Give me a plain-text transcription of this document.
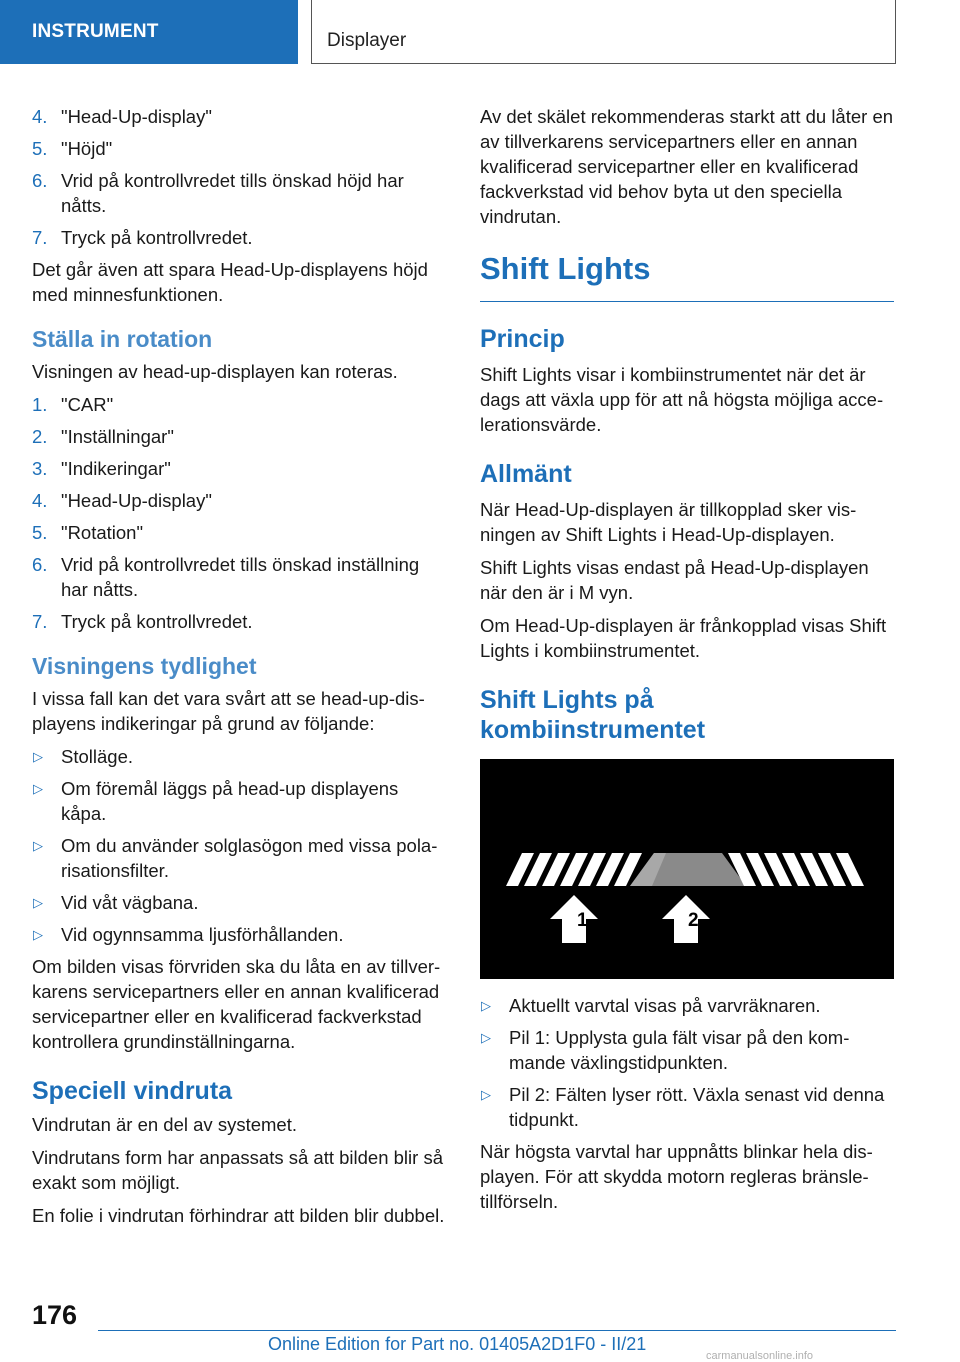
INSTRUMENT	Displayer
4. "Head-Up-display"
5. "Höjd"
6. Vrid på kontrollvredet tills önskad höjd har nåtts.
7. Tryck på kontrollvredet.

Det går även att spara Head-Up-displayens höjd med minnesfunktionen.

Ställa in rotation

Visningen av head-up-displayen kan roteras.

1. "CAR"
2. "Inställningar"
3. "Indikeringar"
4. "Head-Up-display"
5. "Rotation"
6. Vrid på kontrollvredet tills önskad inställning har nåtts.
7. Tryck på kontrollvredet.
Visningens tydlighet

I vissa fall kan det vara svårt att se head-up-displayens indikeringar på grund av följande:

▷ Stolläge.
▷ Om föremål läggs på head-up displayens kåpa.
▷ Om du använder solglasögon med vissa polarisationsfilter.
▷ Vid våt vägbana.
▷ Vid ogynnsamma ljusförhållanden.

Om bilden visas förvriden ska du låta en av tillverkarens servicepartners eller en annan kvalificerad servicepartner eller en kvalificerad fackverkstad kontrollera grundinställningarna.

Speciell vindruta

Vindrutan är en del av systemet.

Vindrutans form har anpassats så att bilden blir så exakt som möjligt.

En folie i vindrutan förhindrar att bilden blir dubbel.

Av det skälet rekommenderas starkt att du låter en av tillverkarens servicepartners eller en annan kvalificerad servicepartner eller en kvalificerad fackverkstad vid behov byta ut den speciella vindrutan.

Shift Lights
Princip

Shift Lights visar i kombiinstrumentet när det är dags att växla upp för att nå högsta möjliga accelerationsvärde.

Allmänt

När Head-Up-displayen är tillkopplad sker visningen av Shift Lights i Head-Up-displayen.

Shift Lights visas endast på Head-Up-displayen när den är i M vyn.

Om Head-Up-displayen är frånkopplad visas Shift Lights i kombiinstrumentet.

Shift Lights på
kombiinstrumentet
1	2
▷ Aktuellt varvtal visas på varvräknaren.
▷ Pil 1: Upplysta gula fält visar på den kommande växlingstidpunkten.
▷ Pil 2: Fälten lyser rött. Växla senast vid denna tidpunkt.

När högsta varvtal har uppnåtts blinkar hela displayen. För att skydda motorn regleras bränsletillförseln.

176
Online Edition for Part no. 01405A2D1F0 - II/21
carmanualsonline.info
